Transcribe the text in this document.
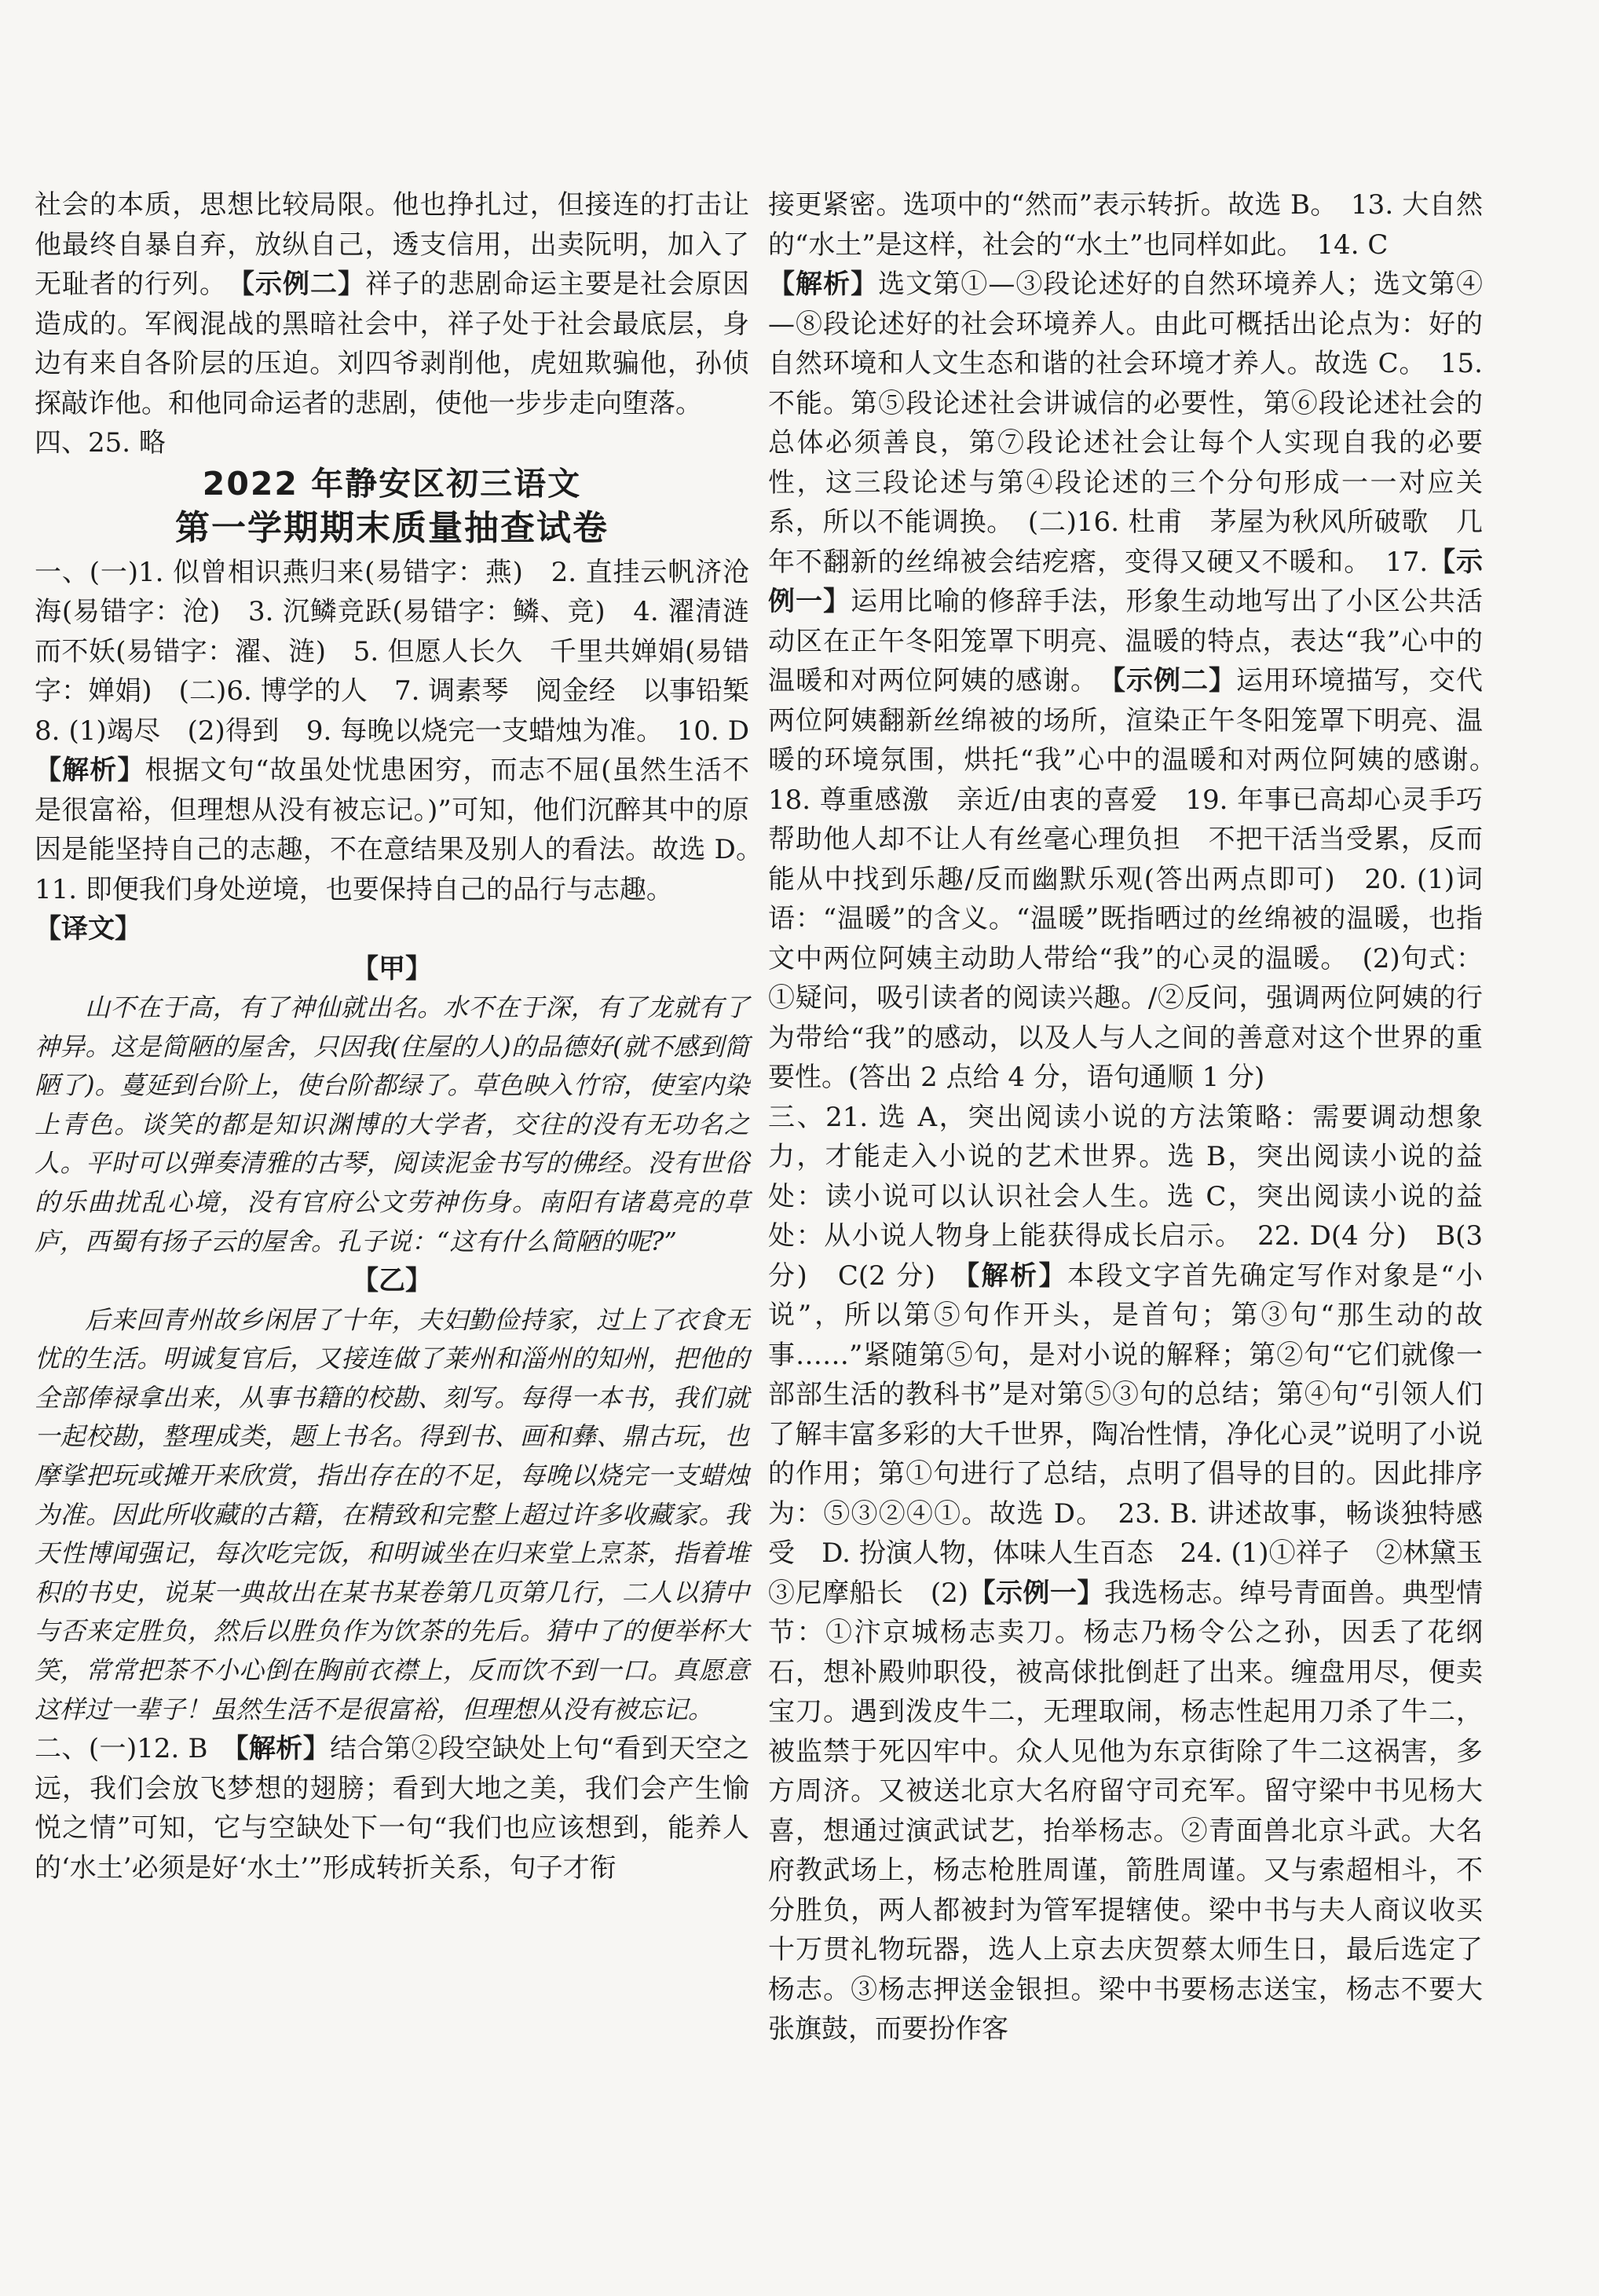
社会的本质，思想比较局限。他也挣扎过，但接连的打击让他最终自暴自弃，放纵自己，透支信用，出卖阮明，加入了无耻者的行列。　 【示例二】祥子的悲剧命运主要是社会原因造成的。军阀混战的黑暗社会中，祥子处于社会最底层，身边有来自各阶层的压迫。刘四爷剥削他，虎妞欺骗他，孙侦探敲诈他。和他同命运者的悲剧，使他一步步走向堕落。

四、25. 略

2022 年静安区初三语文
第一学期期末质量抽查试卷

一、(一)1. 似曾相识燕归来(易错字：燕)　2. 直挂云帆济沧海(易错字：沧)　3. 沉鳞竞跃(易错字：鳞、竞)　4. 濯清涟而不妖(易错字：濯、涟)　5. 但愿人长久　千里共婵娟(易错字：婵娟)　(二)6. 博学的人　7. 调素琴　阅金经　以事铅椠　8. (1)竭尽　(2)得到　9. 每晚以烧完一支蜡烛为准。　10. D　【解析】根据文句“故虽处忧患困穷，而志不屈(虽然生活不是很富裕，但理想从没有被忘记。)”可知，他们沉醉其中的原因是能坚持自己的志趣，不在意结果及别人的看法。故选 D。　11. 即便我们身处逆境，也要保持自己的品行与志趣。

【译文】

【甲】

山不在于高，有了神仙就出名。水不在于深，有了龙就有了神异。这是简陋的屋舍，只因我(住屋的人)的品德好(就不感到简陋了)。蔓延到台阶上，使台阶都绿了。草色映入竹帘，使室内染上青色。谈笑的都是知识渊博的大学者，交往的没有无功名之人。平时可以弹奏清雅的古琴，阅读泥金书写的佛经。没有世俗的乐曲扰乱心境，没有官府公文劳神伤身。南阳有诸葛亮的草庐，西蜀有扬子云的屋舍。孔子说：“这有什么简陋的呢?”

【乙】

后来回青州故乡闲居了十年，夫妇勤俭持家，过上了衣食无忧的生活。明诚复官后，又接连做了莱州和淄州的知州，把他的全部俸禄拿出来，从事书籍的校勘、刻写。每得一本书，我们就一起校勘，整理成类，题上书名。得到书、画和彝、鼎古玩，也摩挲把玩或摊开来欣赏，指出存在的不足，每晚以烧完一支蜡烛为准。因此所收藏的古籍，在精致和完整上超过许多收藏家。我天性博闻强记，每次吃完饭，和明诚坐在归来堂上烹茶，指着堆积的书史，说某一典故出在某书某卷第几页第几行，二人以猜中与否来定胜负，然后以胜负作为饮茶的先后。猜中了的便举杯大笑，常常把茶不小心倒在胸前衣襟上，反而饮不到一口。真愿意这样过一辈子！虽然生活不是很富裕，但理想从没有被忘记。

二、(一)12. B　【解析】结合第②段空缺处上句“看到天空之远，我们会放飞梦想的翅膀；看到大地之美，我们会产生愉悦之情”可知，它与空缺处下一句“我们也应该想到，能养人的‘水土’必须是好‘水土’”形成转折关系，句子才衔

接更紧密。选项中的“然而”表示转折。故选 B。　13. 大自然的“水土”是这样，社会的“水土”也同样如此。　14. C

【解析】选文第①—③段论述好的自然环境养人；选文第④—⑧段论述好的社会环境养人。由此可概括出论点为：好的自然环境和人文生态和谐的社会环境才养人。故选 C。　15. 不能。第⑤段论述社会讲诚信的必要性，第⑥段论述社会的总体必须善良，第⑦段论述社会让每个人实现自我的必要性，这三段论述与第④段论述的三个分句形成一一对应关系，所以不能调换。　(二)16. 杜甫　茅屋为秋风所破歌　几年不翻新的丝绵被会结疙瘩，变得又硬又不暖和。　17.【示例一】运用比喻的修辞手法，形象生动地写出了小区公共活动区在正午冬阳笼罩下明亮、温暖的特点，表达“我”心中的温暖和对两位阿姨的感谢。　 【示例二】运用环境描写，交代两位阿姨翻新丝绵被的场所，渲染正午冬阳笼罩下明亮、温暖的环境氛围，烘托“我”心中的温暖和对两位阿姨的感谢。　18. 尊重感激　亲近/由衷的喜爱　19. 年事已高却心灵手巧　帮助他人却不让人有丝毫心理负担　不把干活当受累，反而能从中找到乐趣/反而幽默乐观(答出两点即可)　20. (1)词语：“温暖”的含义。“温暖”既指晒过的丝绵被的温暖，也指文中两位阿姨主动助人带给“我”的心灵的温暖。　(2)句式：①疑问，吸引读者的阅读兴趣。/②反问，强调两位阿姨的行为带给“我”的感动，以及人与人之间的善意对这个世界的重要性。(答出 2 点给 4 分，语句通顺 1 分)

三、21. 选 A，突出阅读小说的方法策略：需要调动想象力，才能走入小说的艺术世界。选 B，突出阅读小说的益处：读小说可以认识社会人生。选 C，突出阅读小说的益处：从小说人物身上能获得成长启示。　22. D(4 分)　B(3 分)　C(2 分)　【解析】本段文字首先确定写作对象是“小说”，所以第⑤句作开头，是首句；第③句“那生动的故事……”紧随第⑤句，是对小说的解释；第②句“它们就像一部部生活的教科书”是对第⑤③句的总结；第④句“引领人们了解丰富多彩的大千世界，陶冶性情，净化心灵”说明了小说的作用；第①句进行了总结，点明了倡导的目的。因此排序为：⑤③②④①。故选 D。　23. B. 讲述故事，畅谈独特感受　D. 扮演人物，体味人生百态　24. (1)①祥子　②林黛玉　③尼摩船长　(2)【示例一】我选杨志。绰号青面兽。典型情节：①汴京城杨志卖刀。杨志乃杨令公之孙，因丢了花纲石，想补殿帅职役，被高俅批倒赶了出来。缠盘用尽，便卖宝刀。遇到泼皮牛二，无理取闹，杨志性起用刀杀了牛二，被监禁于死囚牢中。众人见他为东京街除了牛二这祸害，多方周济。又被送北京大名府留守司充军。留守梁中书见杨大喜，想通过演武试艺，抬举杨志。②青面兽北京斗武。大名府教武场上，杨志枪胜周谨，箭胜周谨。又与索超相斗，不分胜负，两人都被封为管军提辖使。梁中书与夫人商议收买十万贯礼物玩器，选人上京去庆贺蔡太师生日，最后选定了杨志。③杨志押送金银担。梁中书要杨志送宝，杨志不要大张旗鼓，而要扮作客
